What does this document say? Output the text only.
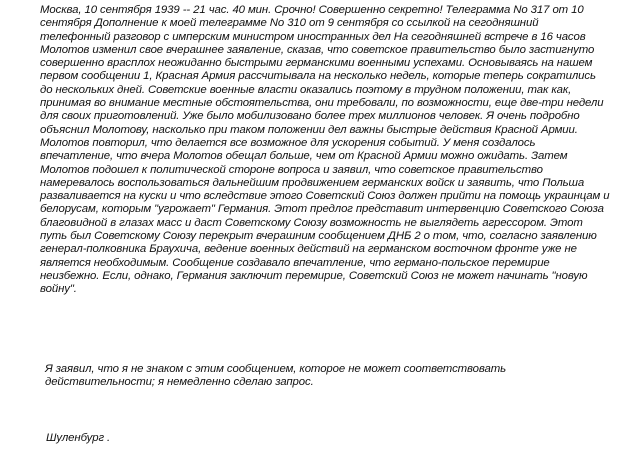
Москва, 10 сентября 1939 -- 21 час. 40 мин. Срочно! Совершенно секретно! Телеграмма No 317 от 10
сентября Дополнение к моей телеграмме No 310 от 9 сентября со ссылкой на сегодняшний
телефонный разговор с имперским министром иностранных дел На сегодняшней встрече в 16 часов
Молотов изменил свое вчерашнее заявление, сказав, что советское правительство было застигнуто
совершенно врасплох неожиданно быстрыми германскими военными успехами. Основываясь на нашем
первом сообщении 1, Красная Армия рассчитывала на несколько недель, которые теперь сократились
до нескольких дней. Советские военные власти оказались поэтому в трудном положении, так как,
принимая во внимание местные обстоятельства, они требовали, по возможности, еще две-три недели
для своих приготовлений. Уже было мобилизовано более трех миллионов человек. Я очень подробно
объяснил Молотову, насколько при таком положении дел важны быстрые действия Красной Армии.
Молотов повторил, что делается все возможное для ускорения событий. У меня создалось
впечатление, что вчера Молотов обещал больше, чем от Красной Армии можно ожидать. Затем
Молотов подошел к политической стороне вопроса и заявил, что советское правительство
намеревалось воспользоваться дальнейшим продвижением германских войск и заявить, что Польша
разваливается на куски и что вследствие этого Советский Союз должен прийти на помощь украинцам и
белорусам, которым "угрожает" Германия. Этот предлог представит интервенцию Советского Союза
благовидной в глазах масс и даст Советскому Союзу возможность не выглядеть агрессором. Этот
путь был Советскому Союзу перекрыт вчерашним сообщением ДНБ 2 о том, что, согласно заявлению
генерал-полковника Браухича, ведение военных действий на германском восточном фронте уже не
является необходимым. Сообщение создавало впечатление, что германо-польское перемирие
неизбежно. Если, однако, Германия заключит перемирие, Советский Союз не может начинать "новую
войну".
Я заявил, что я не знаком с этим сообщением, которое не может соответствовать
действительности; я немедленно сделаю запрос.
Шуленбург .
